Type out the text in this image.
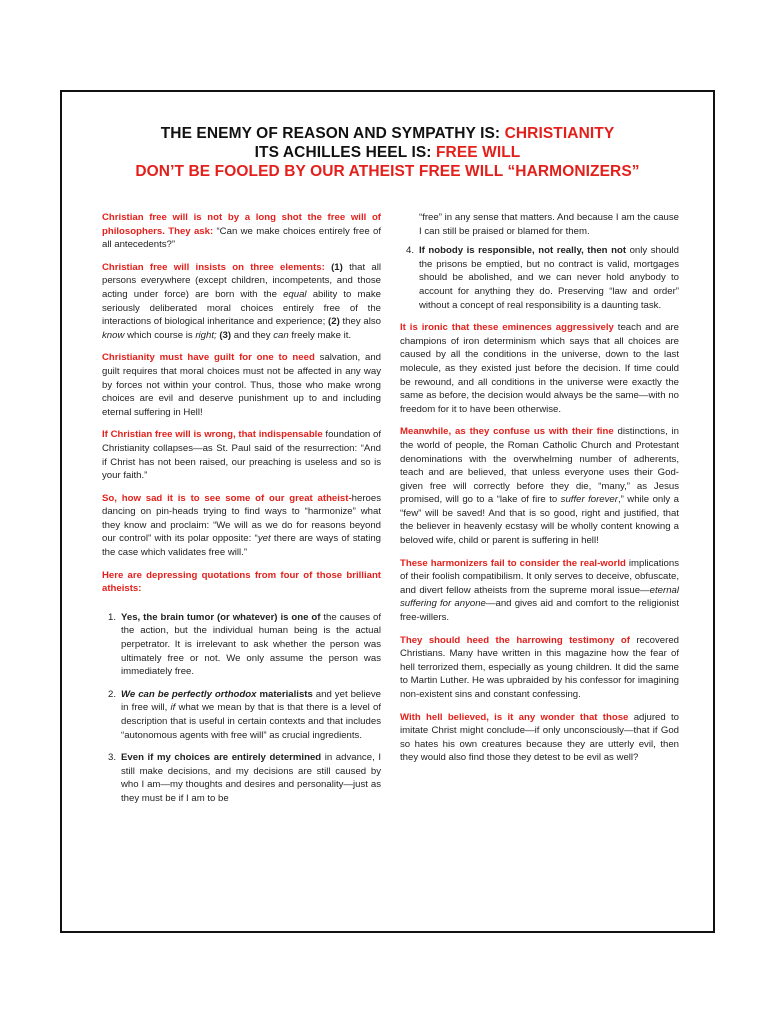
THE ENEMY OF REASON AND SYMPATHY IS: CHRISTIANITY
ITS ACHILLES HEEL IS: FREE WILL
DON’T BE FOOLED BY OUR ATHEIST FREE WILL “HARMONIZERS”

Christian free will is not by a long shot the free will of philosophers. They ask: “Can we make choices entirely free of all antecedents?”

Christian free will insists on three elements: (1) that all persons everywhere (except children, incompetents, and those acting under force) are born with the equal ability to make seriously deliberated moral choices entirely free of the interactions of biological inheritance and experience; (2) they also know which course is right; (3) and they can freely make it.

Christianity must have guilt for one to need salvation, and guilt requires that moral choices must not be affected in any way by forces not within your control. Thus, those who make wrong choices are evil and deserve punishment up to and including eternal suffering in Hell!

If Christian free will is wrong, that indispensable foundation of Christianity collapses—as St. Paul said of the resurrection: “And if Christ has not been raised, our preaching is useless and so is your faith.”

So, how sad it is to see some of our great atheist-heroes dancing on pin-heads trying to find ways to “harmonize” what they know and proclaim: “We will as we do for reasons beyond our control” with its polar opposite: “yet there are ways of stating the case which validates free will.”

Here are depressing quotations from four of those brilliant atheists:

1. Yes, the brain tumor (or whatever) is one of the causes of the action, but the individual human being is the actual perpetrator. It is irrelevant to ask whether the person was ultimately free or not. We only assume the person was immediately free.
2. We can be perfectly orthodox materialists and yet believe in free will, if what we mean by that is that there is a level of description that is useful in certain contexts and that includes “autonomous agents with free will” as crucial ingredients.
3. Even if my choices are entirely determined in advance, I still make decisions, and my decisions are still caused by who I am—my thoughts and desires and personality—just as they must be if I am to be
“free” in any sense that matters. And because I am the cause I can still be praised or blamed for them.
4. If nobody is responsible, not really, then not only should the prisons be emptied, but no contract is valid, mortgages should be abolished, and we can never hold anybody to account for anything they do. Preserving “law and order” without a concept of real responsibility is a daunting task.

It is ironic that these eminences aggressively teach and are champions of iron determinism which says that all choices are caused by all the conditions in the universe, down to the last molecule, as they existed just before the decision. If time could be rewound, and all conditions in the universe were exactly the same as before, the decision would always be the same—with no freedom for it to have been otherwise.

Meanwhile, as they confuse us with their fine distinctions, in the world of people, the Roman Catholic Church and Protestant denominations with the overwhelming number of adherents, teach and are believed, that unless everyone uses their God-given free will correctly before they die, “many,” as Jesus promised, will go to a “lake of fire to suffer forever,” while only a “few” will be saved! And that is so good, right and justified, that the believer in heavenly ecstasy will be wholly content knowing a beloved wife, child or parent is suffering in hell!

These harmonizers fail to consider the real-world implications of their foolish compatibilism. It only serves to deceive, obfuscate, and divert fellow atheists from the supreme moral issue—eternal suffering for anyone—and gives aid and comfort to the religionist free-willers.

They should heed the harrowing testimony of recovered Christians. Many have written in this magazine how the fear of hell terrorized them, especially as young children. It did the same to Martin Luther. He was upbraided by his confessor for imagining non-existent sins and constant confessing.

With hell believed, is it any wonder that those adjured to imitate Christ might conclude—if only unconsciously—that if God so hates his own creatures because they are utterly evil, then they would also find those they detest to be evil as well?
